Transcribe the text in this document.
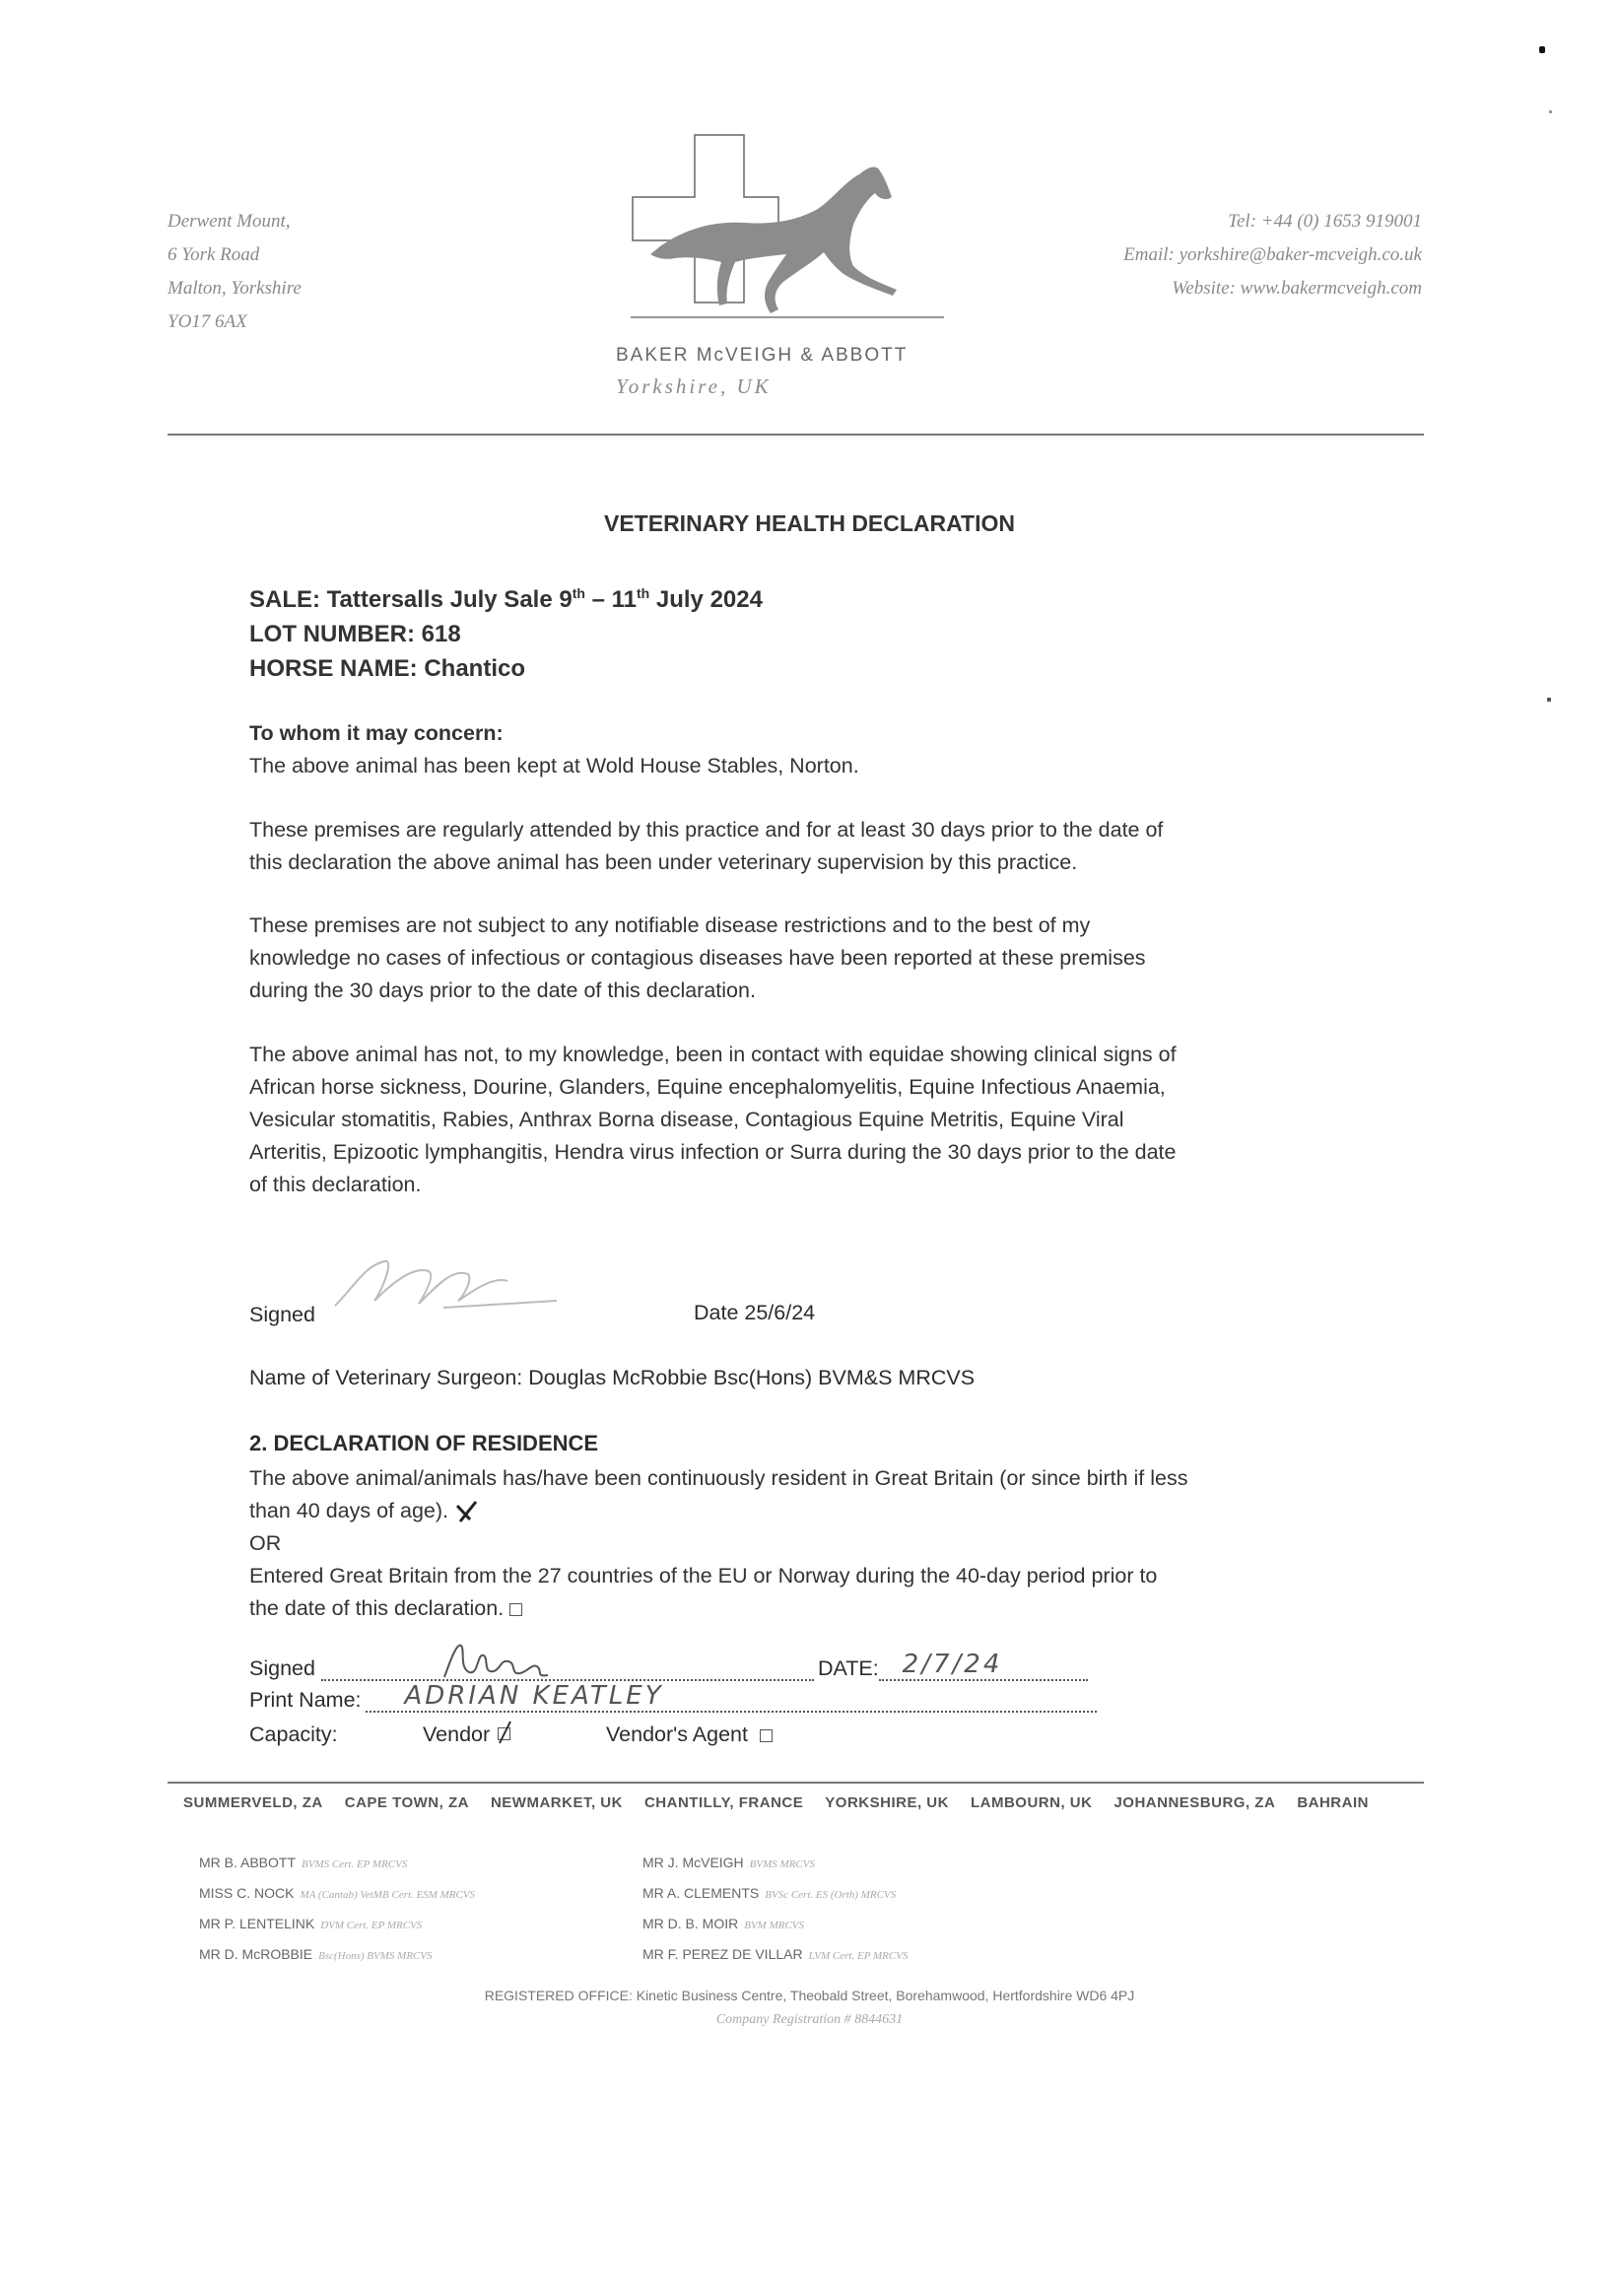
Derwent Mount,
6 York Road
Malton, Yorkshire
YO17 6AX
Tel: +44 (0) 1653 919001
Email: yorkshire@baker-mcveigh.co.uk
Website: www.bakermcveigh.com
BAKER McVEIGH & ABBOTT
Yorkshire, UK
VETERINARY HEALTH DECLARATION
SALE: Tattersalls July Sale 9th – 11th July 2024
LOT NUMBER: 618
HORSE NAME: Chantico

To whom it may concern:

The above animal has been kept at Wold House Stables, Norton.

These premises are regularly attended by this practice and for at least 30 days prior to the date of

this declaration the above animal has been under veterinary supervision by this practice.

These premises are not subject to any notifiable disease restrictions and to the best of my

knowledge no cases of infectious or contagious diseases have been reported at these premises

during the 30 days prior to the date of this declaration.

The above animal has not, to my knowledge, been in contact with equidae showing clinical signs of

African horse sickness, Dourine, Glanders, Equine encephalomyelitis, Equine Infectious Anaemia,

Vesicular stomatitis, Rabies, Anthrax Borna disease, Contagious Equine Metritis, Equine Viral

Arteritis, Epizootic lymphangitis, Hendra virus infection or Surra during the 30 days prior to the date

of this declaration.

Signed	Date 25/6/24
Name of Veterinary Surgeon: Douglas McRobbie Bsc(Hons) BVM&S MRCVS
2. DECLARATION OF RESIDENCE

The above animal/animals has/have been continuously resident in Great Britain (or since birth if less

than 40 days of age).

OR

Entered Great Britain from the 27 countries of the EU or Norway during the 40-day period prior to

the date of this declaration.

Signed	DATE: 2/7/24
Print Name: ADRIAN KEATLEY
Capacity:	Vendor	Vendor's Agent
SUMMERVELD, ZA CAPE TOWN, ZA NEWMARKET, UK CHANTILLY, FRANCE YORKSHIRE, UK LAMBOURN, UK JOHANNESBURG, ZA BAHRAIN
MR B. ABBOTT BVMS Cert. EP MRCVS
MISS C. NOCK MA (Cantab) VetMB Cert. ESM MRCVS
MR P. LENTELINK DVM Cert. EP MRCVS
MR D. McROBBIE Bsc(Hons) BVMS MRCVS
MR J. McVEIGH BVMS MRCVS
MR A. CLEMENTS BVSc Cert. ES (Orth) MRCVS
MR D. B. MOIR BVM MRCVS
MR F. PEREZ DE VILLAR LVM Cert. EP MRCVS
REGISTERED OFFICE: Kinetic Business Centre, Theobald Street, Borehamwood, Hertfordshire WD6 4PJ
Company Registration # 8844631
